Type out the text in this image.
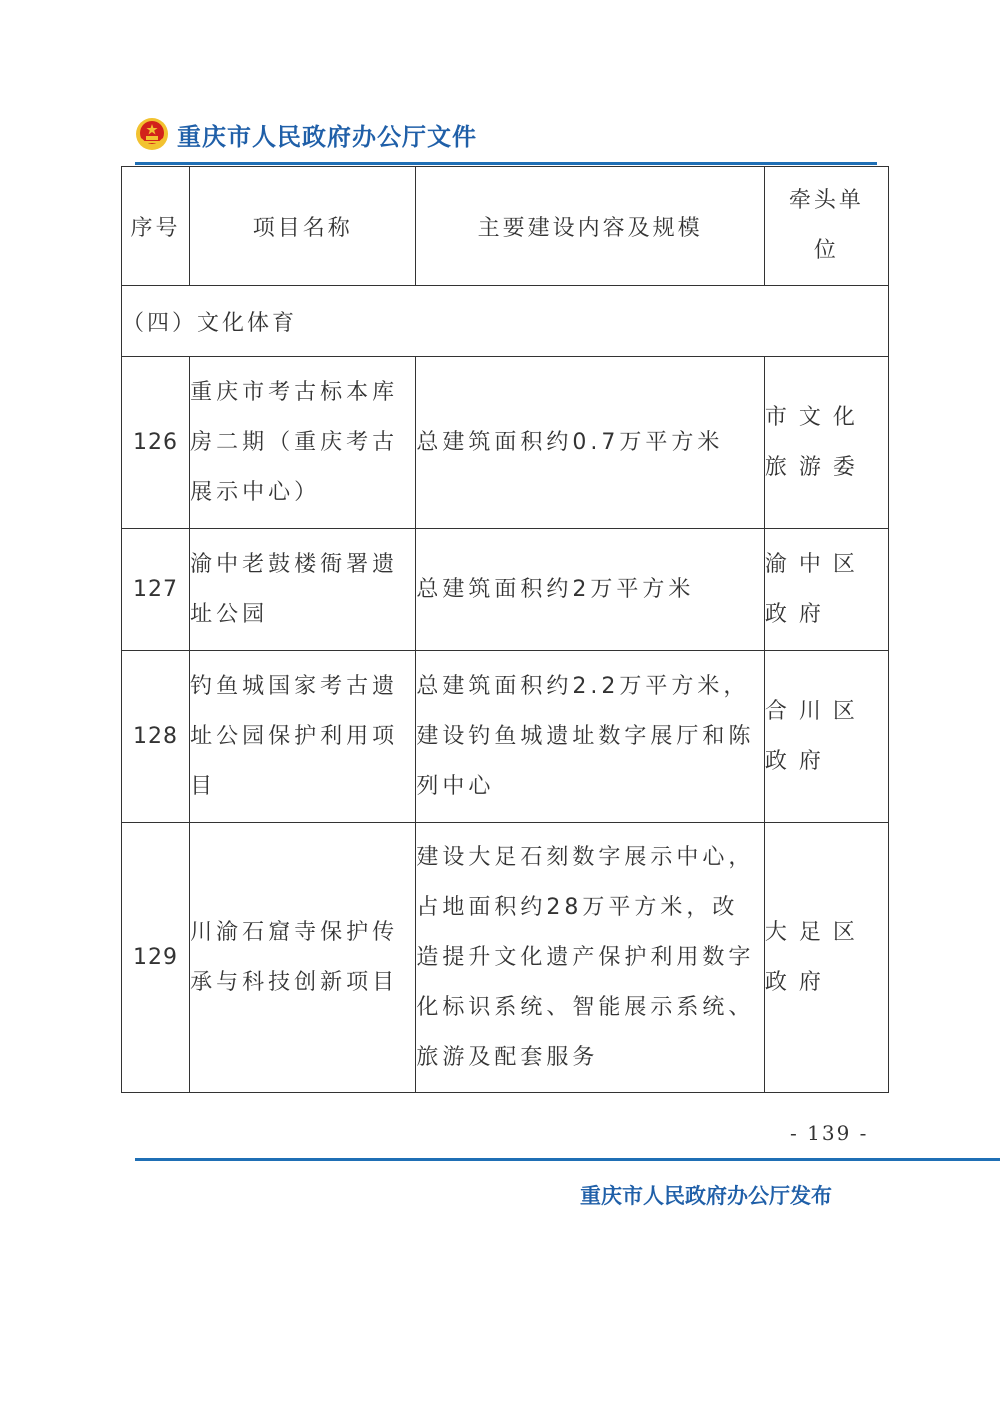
重庆市人民政府办公厅文件
序号	项目名称	主要建设内容及规模	牵头单位
（四）文化体育			
126	重庆市考古标本库房二期（重庆考古展示中心）	总建筑面积约0.7万平方米	市文化旅游委
127	渝中老鼓楼衙署遗址公园	总建筑面积约2万平方米	渝中区政府
128	钓鱼城国家考古遗址公园保护利用项目	总建筑面积约2.2万平方米，建设钓鱼城遗址数字展厅和陈列中心	合川区政府
129	川渝石窟寺保护传承与科技创新项目	建设大足石刻数字展示中心，占地面积约28万平方米，改造提升文化遗产保护利用数字化标识系统、智能展示系统、旅游及配套服务	大足区政府
- 139 -
重庆市人民政府办公厅发布
